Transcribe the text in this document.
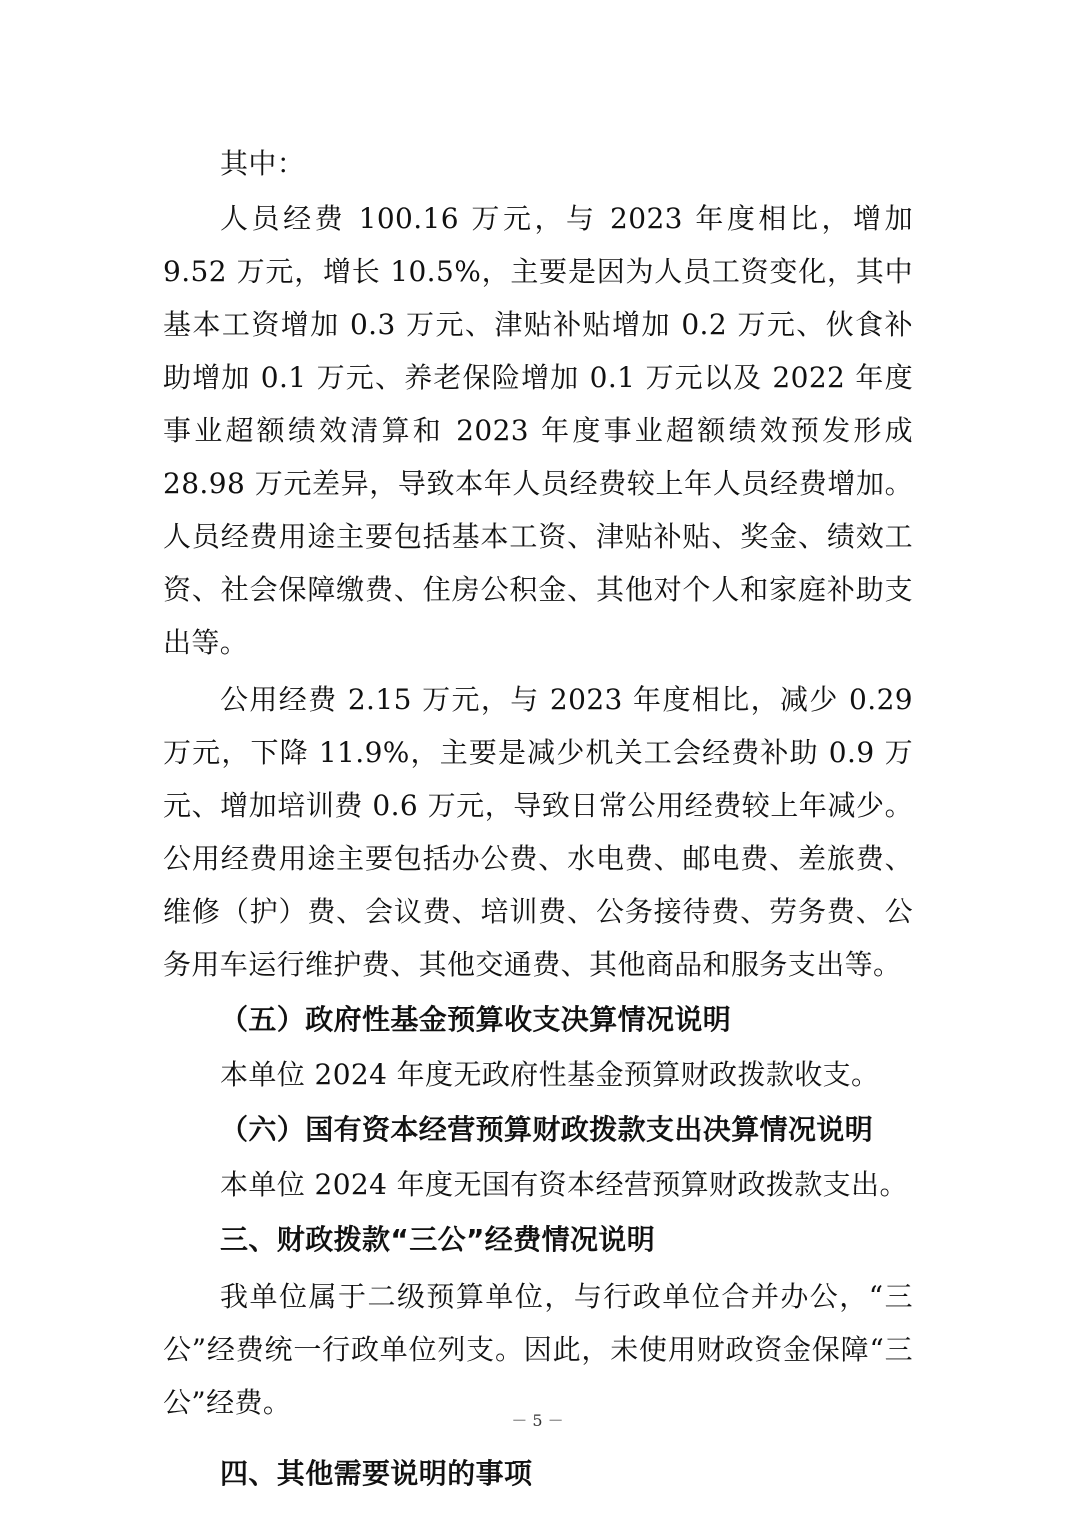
其中：

人员经费 100.16 万元，与 2023 年度相比，增加 9.52 万元，增长 10.5%，主要是因为人员工资变化，其中基本工资增加 0.3 万元、津贴补贴增加 0.2 万元、伙食补助增加 0.1 万元、养老保险增加 0.1 万元以及 2022 年度事业超额绩效清算和 2023 年度事业超额绩效预发形成 28.98 万元差异，导致本年人员经费较上年人员经费增加。人员经费用途主要包括基本工资、津贴补贴、奖金、绩效工资、社会保障缴费、住房公积金、其他对个人和家庭补助支出等。

公用经费 2.15 万元，与 2023 年度相比，减少 0.29 万元，下降 11.9%，主要是减少机关工会经费补助 0.9 万元、增加培训费 0.6 万元，导致日常公用经费较上年减少。公用经费用途主要包括办公费、水电费、邮电费、差旅费、维修（护）费、会议费、培训费、公务接待费、劳务费、公务用车运行维护费、其他交通费、其他商品和服务支出等。

（五）政府性基金预算收支决算情况说明

本单位 2024 年度无政府性基金预算财政拨款收支。

（六）国有资本经营预算财政拨款支出决算情况说明

本单位 2024 年度无国有资本经营预算财政拨款支出。

三、财政拨款“三公”经费情况说明

我单位属于二级预算单位，与行政单位合并办公，“三公”经费统一行政单位列支。因此，未使用财政资金保障“三公”经费。

四、其他需要说明的事项

－ 5 －
